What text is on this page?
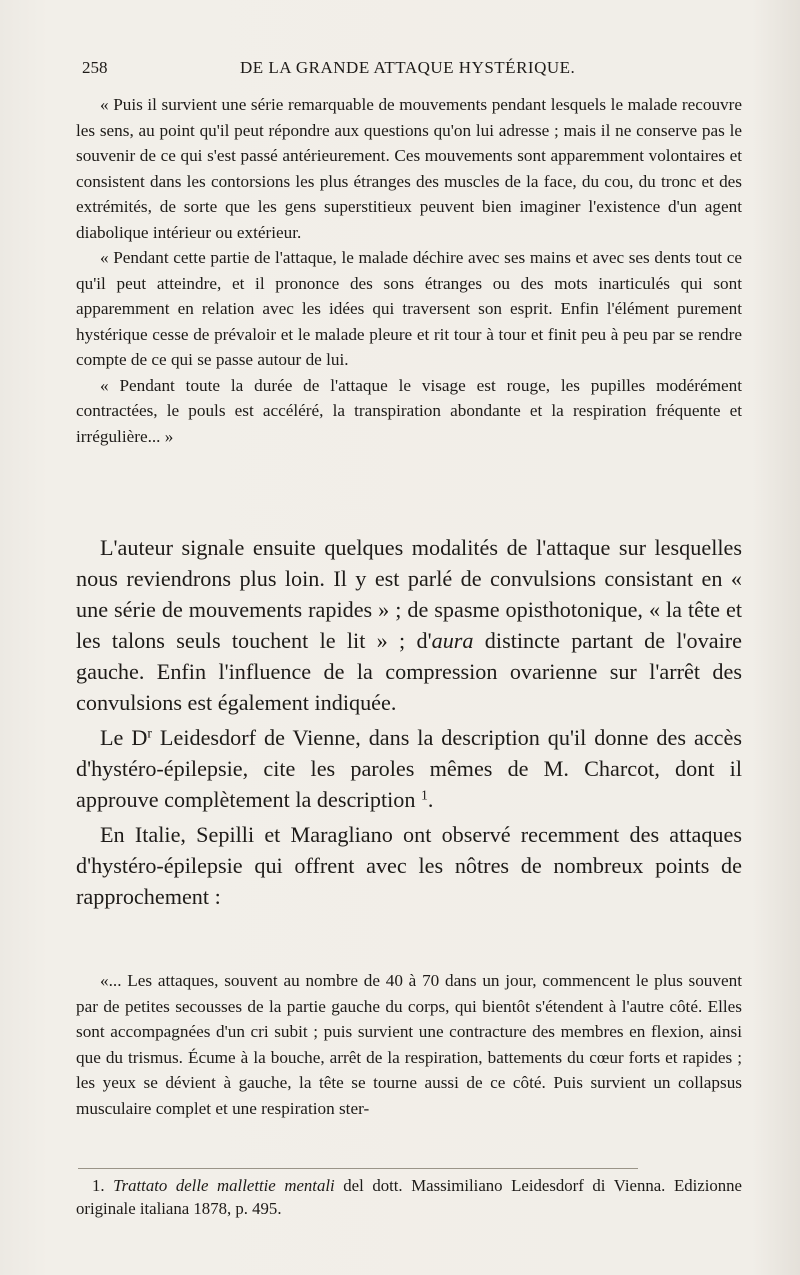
258	DE LA GRANDE ATTAQUE HYSTÉRIQUE.

« Puis il survient une série remarquable de mouvements pendant lesquels le malade recouvre les sens, au point qu'il peut répondre aux questions qu'on lui adresse ; mais il ne conserve pas le souvenir de ce qui s'est passé antérieurement. Ces mouvements sont apparemment volontaires et consistent dans les contorsions les plus étranges des muscles de la face, du cou, du tronc et des extrémités, de sorte que les gens superstitieux peuvent bien imaginer l'existence d'un agent diabolique intérieur ou extérieur.

« Pendant cette partie de l'attaque, le malade déchire avec ses mains et avec ses dents tout ce qu'il peut atteindre, et il prononce des sons étranges ou des mots inarticulés qui sont apparemment en relation avec les idées qui traversent son esprit. Enfin l'élément purement hystérique cesse de prévaloir et le malade pleure et rit tour à tour et finit peu à peu par se rendre compte de ce qui se passe autour de lui.

« Pendant toute la durée de l'attaque le visage est rouge, les pupilles modérément contractées, le pouls est accéléré, la transpiration abondante et la respiration fréquente et irrégulière... »

L'auteur signale ensuite quelques modalités de l'attaque sur lesquelles nous reviendrons plus loin. Il y est parlé de convulsions consistant en « une série de mouvements rapides » ; de spasme opisthotonique, « la tête et les talons seuls touchent le lit » ; d'aura distincte partant de l'ovaire gauche. Enfin l'influence de la compression ovarienne sur l'arrêt des convulsions est également indiquée.

Le $D^r$ Leidesdorf de Vienne, dans la description qu'il donne des accès d'hystéro-épilepsie, cite les paroles mêmes de M. Charcot, dont il approuve complètement la description $^1$.

En Italie, Sepilli et Maragliano ont observé recemment des attaques d'hystéro-épilepsie qui offrent avec les nôtres de nombreux points de rapprochement :

«... Les attaques, souvent au nombre de 40 à 70 dans un jour, commencent le plus souvent par de petites secousses de la partie gauche du corps, qui bientôt s'étendent à l'autre côté. Elles sont accompagnées d'un cri subit ; puis survient une contracture des membres en flexion, ainsi que du trismus. Écume à la bouche, arrêt de la respiration, battements du cœur forts et rapides ; les yeux se dévient à gauche, la tête se tourne aussi de ce côté. Puis survient un collapsus musculaire complet et une respiration ster-

1. Trattato delle mallettie mentali del dott. Massimiliano Leidesdorf di Vienna. Edizionne originale italiana 1878, p. 495.
